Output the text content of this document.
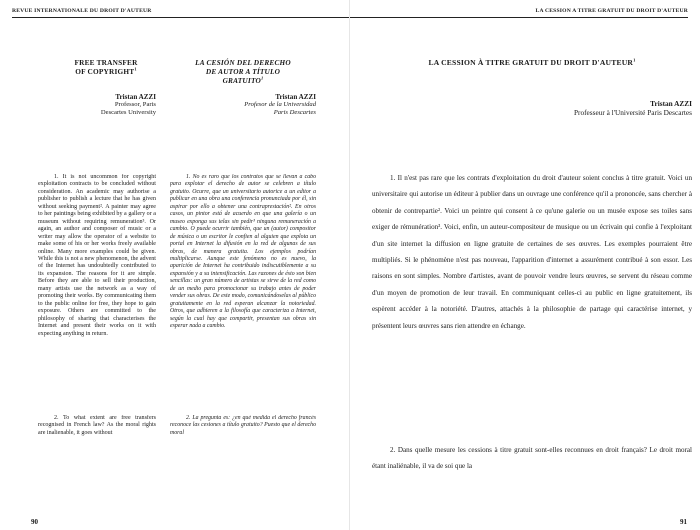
REVUE INTERNATIONALE DU DROIT D'AUTEUR
FREE TRANSFER
OF COPYRIGHT$^1$
Tristan AZZI
Professor, Paris
Descartes University

1. It is not uncommon for copyright exploitation contracts to be concluded without consideration. An academic may authorise a publisher to publish a lecture that he has given without seeking payment². A painter may agree to her paintings being exhibited by a gallery or a museum without requiring remuneration³. Or again, an author and composer of music or a writer may allow the operator of a website to make some of his or her works freely available online. Many more examples could be given. While this is not a new phenomenon, the advent of the Internet has undoubtedly contributed to its expansion. The reasons for it are simple. Before they are able to sell their production, many artists use the network as a way of promoting their works. By communicating them to the public online for free, they hope to gain exposure. Others are committed to the philosophy of sharing that characterises the Internet and present their works on it with expecting anything in return.

2. To what extent are free transfers recognised in French law? As the moral rights are inalienable, it goes without

LA CESIÓN DEL DERECHO
DE AUTOR A TÍTULO
GRATUITO$^1$
Tristan AZZI
Profesor de la Universidad
Paris Descartes

1. No es raro que los contratos que se llevan a cabo para explotar el derecho de autor se celebren a título gratuito. Ocurre, que un universitario autorice a un editor a publicar en una obra una conferencia pronunciada por él, sin aspirar por ello a obtener una contraprestación². En otros casos, un pintor está de acuerdo en que una galería o un museo exponga sus telas sin pedir³ ninguna remuneración a cambio. O puede ocurrir también, que un (autor) compositor de música o un escritor le confien al alguien que explota un portal en Internet la difusión en la red de algunas de sus obras, de manera gratuita. Los ejemplos podrían multiplicarse. Aunque este fenómeno no es nuevo, la aparición de Internet ha contribuido indiscutiblemente a su expansión y a su intensificación. Las razones de ésto son bien sencillas: un gran número de artistas se sirve de la red como de un medio para promocionar su trabajo antes de poder vender sus obras. De este modo, comunicándoselas al público gratuitamente en la red esperan alcanzar la notoriedad. Otros, que adhieren a la filosofía que caracteriza a Internet, según la cual hay que compartir, presentan sus obras sin esperar nada a cambio.

2. La pregunta es: ¿en qué medida el derecho francés reconoce las cesiones a título gratuito? Puesto que el derecho moral

90
LA CESSION A TITRE GRATUIT DU DROIT D'AUTEUR
LA CESSION À TITRE GRATUIT DU DROIT D'AUTEUR$^1$
Tristan AZZI
Professeur à l'Université Paris Descartes

1. Il n'est pas rare que les contrats d'exploitation du droit d'auteur soient conclus à titre gratuit. Voici un universitaire qui autorise un éditeur à publier dans un ouvrage une conférence qu'il a prononcée, sans chercher à obtenir de contrepartie². Voici un peintre qui consent à ce qu'une galerie ou un musée expose ses toiles sans exiger de rémunération³. Voici, enfin, un auteur-compositeur de musique ou un écrivain qui confie à l'exploitant d'un site internet la diffusion en ligne gratuite de certaines de ses œuvres. Les exemples pourraient être multipliés. Si le phénomène n'est pas nouveau, l'apparition d'internet a assurément contribué à son essor. Les raisons en sont simples. Nombre d'artistes, avant de pouvoir vendre leurs œuvres, se servent du réseau comme d'un moyen de promotion de leur travail. En communiquant celles-ci au public en ligne gratuitement, ils espèrent accéder à la notoriété. D'autres, attachés à la philosophie de partage qui caractérise internet, y présentent leurs œuvres sans rien attendre en échange.

2. Dans quelle mesure les cessions à titre gratuit sont-elles reconnues en droit français? Le droit moral étant inaliénable, il va de soi que la

91
